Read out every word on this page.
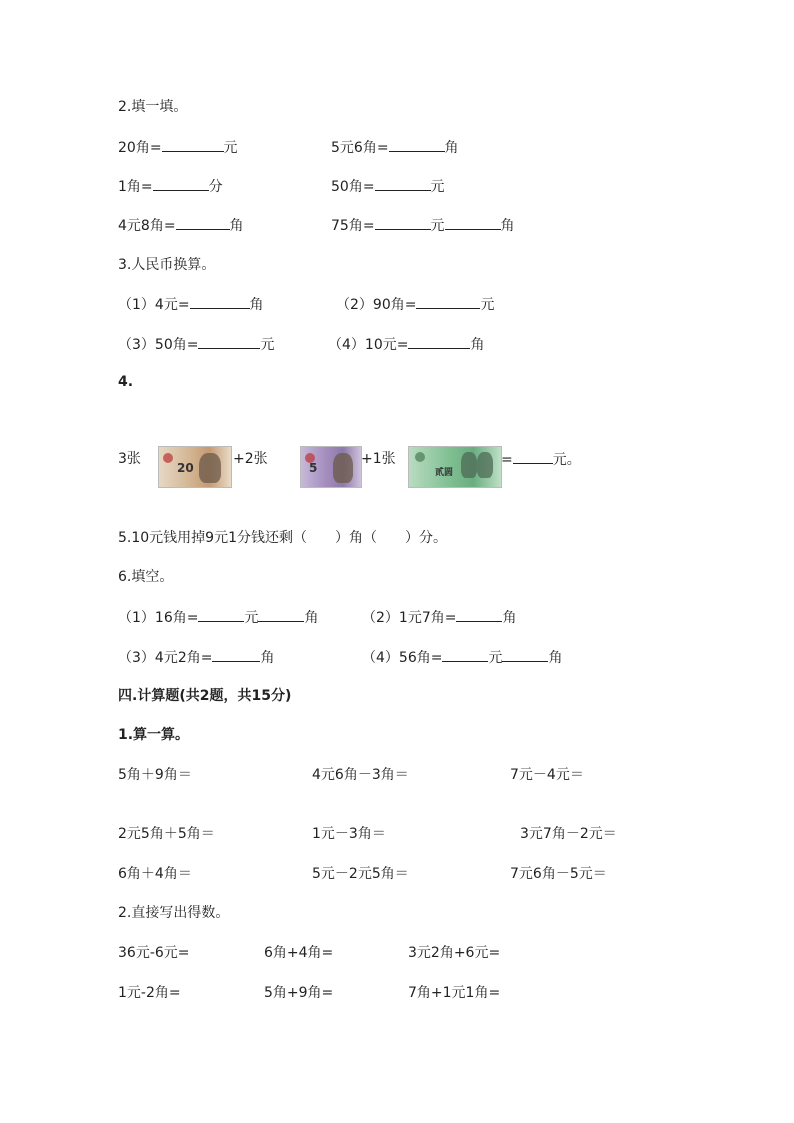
2.填一填。
20角=	元	5元6角=	角
1角=	分	50角=	元
4元8角=	角	75角=	元	角
3.人民币换算。
（1）4元=	角	（2）90角=	元
（3）50角=	元	（4）10元=	角
4.
3张
20
+2张
5
+1张
贰圆
=	元。
5.10元钱用掉9元1分钱还剩（　　）角（　　）分。
6.填空。
（1）16角=	元	角	（2）1元7角=	角
（3）4元2角=	角	（4）56角=	元	角
四.计算题(共2题，共15分)
1.算一算。
5角＋9角＝	4元6角－3角＝	7元－4元＝
2元5角＋5角＝	1元－3角＝	3元7角－2元＝
6角＋4角＝	5元－2元5角＝	7元6角－5元＝
2.直接写出得数。
36元-6元=	6角+4角=	3元2角+6元=
1元-2角=	5角+9角=	7角+1元1角=
